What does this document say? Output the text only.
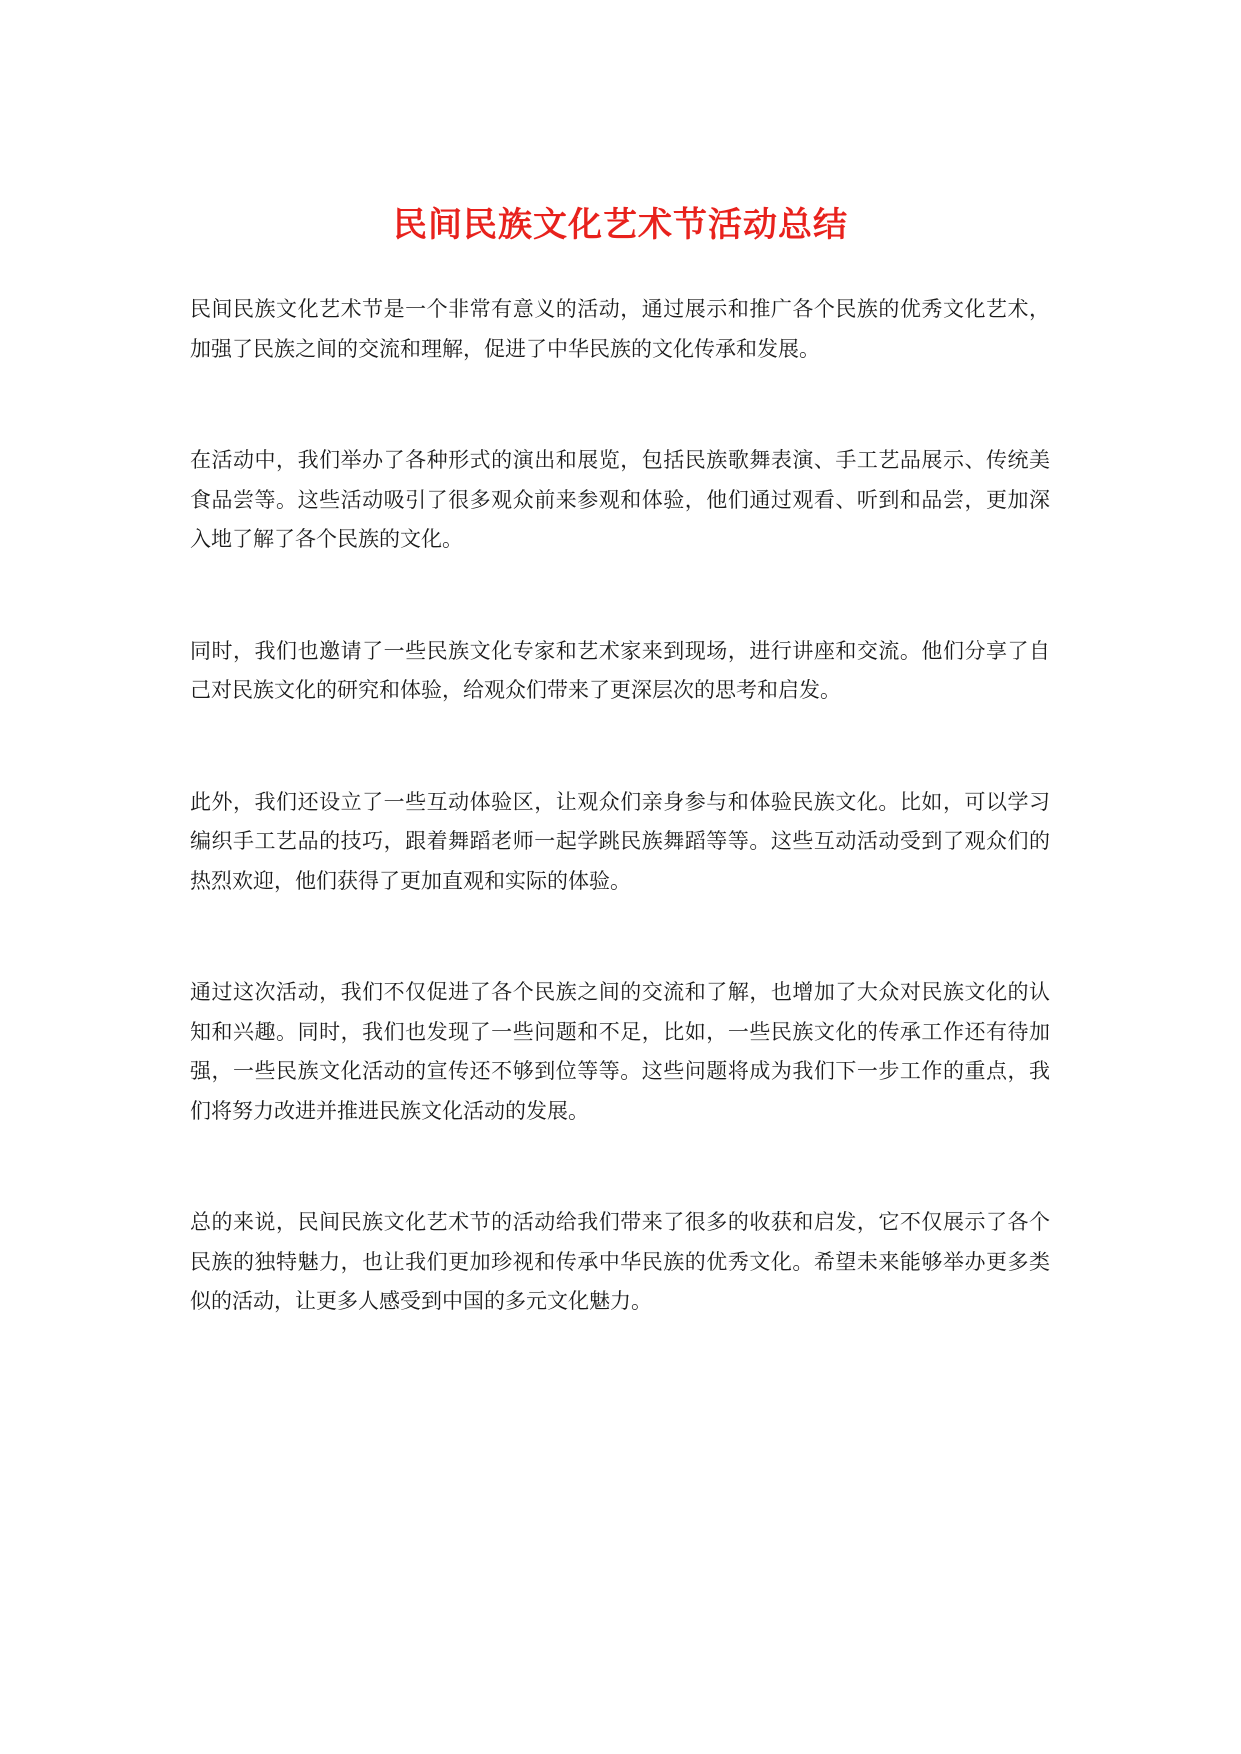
民间民族文化艺术节活动总结

民间民族文化艺术节是一个非常有意义的活动，通过展示和推广各个民族的优秀文化艺术，加强了民族之间的交流和理解，促进了中华民族的文化传承和发展。

在活动中，我们举办了各种形式的演出和展览，包括民族歌舞表演、手工艺品展示、传统美食品尝等。这些活动吸引了很多观众前来参观和体验，他们通过观看、听到和品尝，更加深入地了解了各个民族的文化。

同时，我们也邀请了一些民族文化专家和艺术家来到现场，进行讲座和交流。他们分享了自己对民族文化的研究和体验，给观众们带来了更深层次的思考和启发。

此外，我们还设立了一些互动体验区，让观众们亲身参与和体验民族文化。比如，可以学习编织手工艺品的技巧，跟着舞蹈老师一起学跳民族舞蹈等等。这些互动活动受到了观众们的热烈欢迎，他们获得了更加直观和实际的体验。

通过这次活动，我们不仅促进了各个民族之间的交流和了解，也增加了大众对民族文化的认知和兴趣。同时，我们也发现了一些问题和不足，比如，一些民族文化的传承工作还有待加强，一些民族文化活动的宣传还不够到位等等。这些问题将成为我们下一步工作的重点，我们将努力改进并推进民族文化活动的发展。

总的来说，民间民族文化艺术节的活动给我们带来了很多的收获和启发，它不仅展示了各个民族的独特魅力，也让我们更加珍视和传承中华民族的优秀文化。希望未来能够举办更多类似的活动，让更多人感受到中国的多元文化魅力。
